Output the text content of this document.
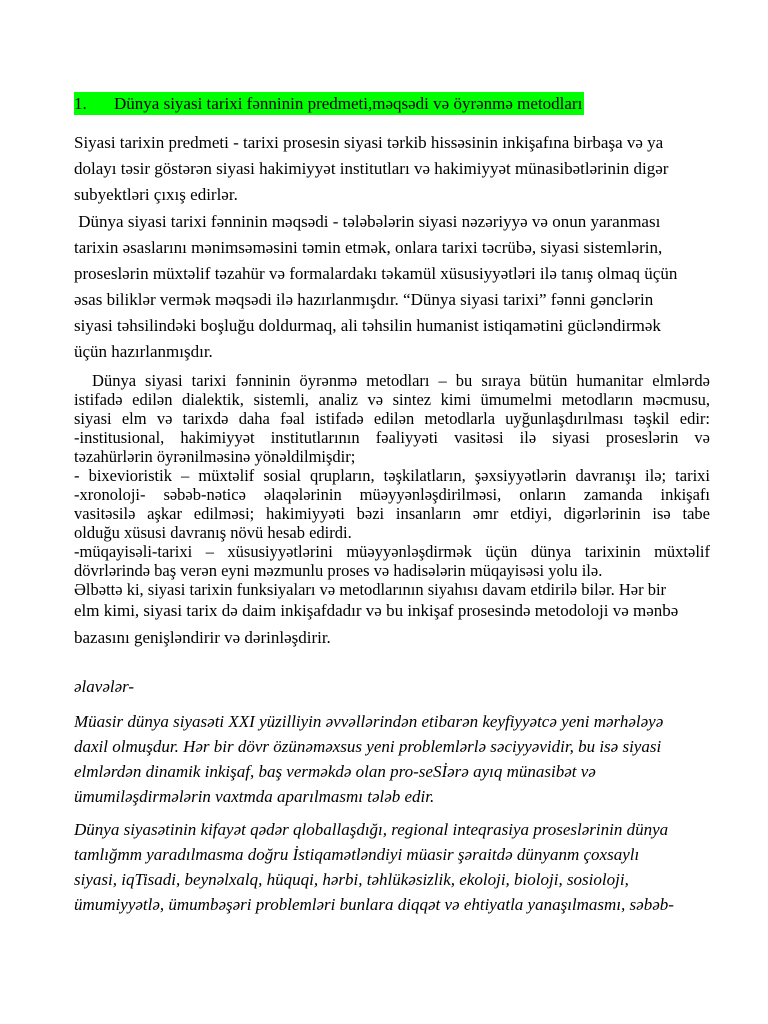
1.	Dünya siyasi tarixi fənninin predmeti,məqsədi və öyrənmə metodları
Siyasi tarixin predmeti - tarixi prosesin siyasi tərkib hissəsinin inkişafına birbaşa və ya
dolayı təsir göstərən siyasi hakimiyyət institutları və hakimiyyət münasibətlərinin digər
subyektləri çıxış edirlər.
Dünya siyasi tarixi fənninin məqsədi - tələbələrin siyasi nəzəriyyə və onun yaranması
tarixin əsaslarını mənimsəməsini təmin etmək, onlara tarixi təcrübə, siyasi sistemlərin,
proseslərin müxtəlif təzahür və formalardakı təkamül xüsusiyyətləri ilə tanış olmaq üçün
əsas biliklər vermək məqsədi ilə hazırlanmışdır. “Dünya siyasi tarixi” fənni gənclərin
siyasi təhsilindəki boşluğu doldurmaq, ali təhsilin humanist istiqamətini gücləndirmək
üçün hazırlanmışdır.
Dünya siyasi tarixi fənninin öyrənmə metodları – bu sıraya bütün humanitar elmlərdə
istifadə edilən dialektik, sistemli, analiz və sintez kimi ümumelmi metodların məcmusu,
siyasi elm və tarixdə daha fəal istifadə edilən metodlarla uyğunlaşdırılması təşkil edir:
-institusional, hakimiyyət institutlarının fəaliyyəti vasitəsi ilə siyasi proseslərin və
təzahürlərin öyrənilməsinə yönəldilmişdir;
- bixevioristik – müxtəlif sosial qrupların, təşkilatların, şəxsiyyətlərin davranışı ilə; tarixi
-xronoloji- səbəb-nəticə əlaqələrinin müəyyənləşdirilməsi, onların zamanda inkişafı
vasitəsilə aşkar edilməsi; hakimiyyəti bəzi insanların əmr etdiyi, digərlərinin isə tabe
olduğu xüsusi davranış növü hesab edirdi.
-müqayisəli-tarixi – xüsusiyyətlərini müəyyənləşdirmək üçün dünya tarixinin müxtəlif
dövrlərində baş verən eyni məzmunlu proses və hadisələrin müqayisəsi yolu ilə.
Əlbəttə ki, siyasi tarixin funksiyaları və metodlarının siyahısı davam etdirilə bilər. Hər bir
elm kimi, siyasi tarix də daim inkişafdadır və bu inkişaf prosesində metodoloji və mənbə
bazasını genişləndirir və dərinləşdirir.
əlavələr-
Müasir dünya siyasəti XXI yüzilliyin əvvəllərindən etibarən keyfiyyətcə yeni mərhələyə
daxil olmuşdur. Hər bir dövr özünəməxsus yeni problemlərlə səciyyəvidir, bu isə siyasi
elmlərdən dinamik inkişaf, baş verməkdə olan pro-seSİərə ayıq münasibət və
ümumiləşdirmələrin vaxtmda aparılmasmı tələb edir.
Dünya siyasətinin kifayət qədər qloballaşdığı, regional inteqrasiya proseslərinin dünya
tamlığmm yaradılmasma doğru İstiqamətləndiyi müasir şəraitdə dünyanm çoxsaylı
siyasi, iqTisadi, beynəlxalq, hüquqi, hərbi, təhlükəsizlik, ekoloji, bioloji, sosioloji,
ümumiyyətlə, ümumbəşəri problemləri bunlara diqqət və ehtiyatla yanaşılmasmı, səbəb-
